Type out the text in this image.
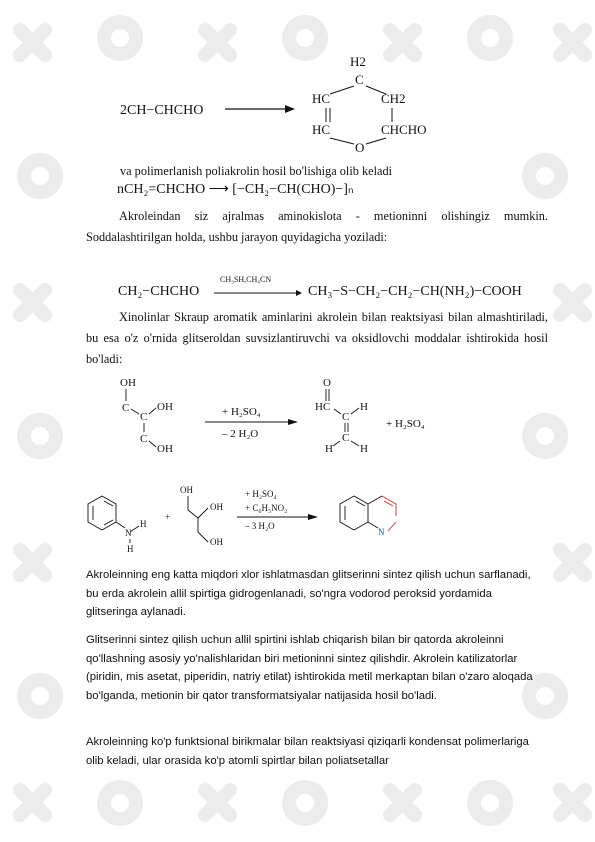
2CH−CHCHO
H2
C
HC	CH2
HC	CHCHO
O

va polimerlanish poliakrolin hosil bo'lishiga olib keladi

nCH₂=CHCHO ⟶ [−CH₂−CH(CHO)−]ₙ

Akroleindan siz ajralmas aminokislota - metioninni olishingiz mumkin. Soddalashtirilgan holda, ushbu jarayon quyidagicha yoziladi:

CH₂−CHCHO
CH₃SH,CH₄CN
CH₃−S−CH₂−CH₂−CH(NH₂)−COOH

Xinolinlar Skraup aromatik aminlarini akrolein bilan reaktsiyasi bilan almashtiriladi, bu esa o'z o'rnida glitseroldan suvsizlantiruvchi va oksidlovchi moddalar ishtirokida hosil bo'ladi:

OH
C
C
OH
C
OH
+ H₂SO₄
– 2 H₂O
O
HC
C
H
C
H H
+ H₂SO₄
N
H
H
+
OH
OH
OH
+ H₂SO₄
+ C₆H₅NO₂
– 3 H₂O
N

Akroleinning eng katta miqdori xlor ishlatmasdan glitserinni sintez qilish uchun sarflanadi, bu erda akrolein allil spirtiga gidrogenlanadi, so'ngra vodorod peroksid yordamida glitseringa aylanadi.

Glitserinni sintez qilish uchun allil spirtini ishlab chiqarish bilan bir qatorda akroleinni qo'llashning asosiy yo'nalishlaridan biri metioninni sintez qilishdir. Akrolein katilizatorlar (piridin, mis asetat, piperidin, natriy etilat) ishtirokida metil merkaptan bilan o'zaro aloqada bo'lganda, metionin bir qator transformatsiyalar natijasida hosil bo'ladi.

Akroleinning ko'p funktsional birikmalar bilan reaktsiyasi qiziqarli kondensat polimerlariga olib keladi, ular orasida ko'p atomli spirtlar bilan poliatsetallar
